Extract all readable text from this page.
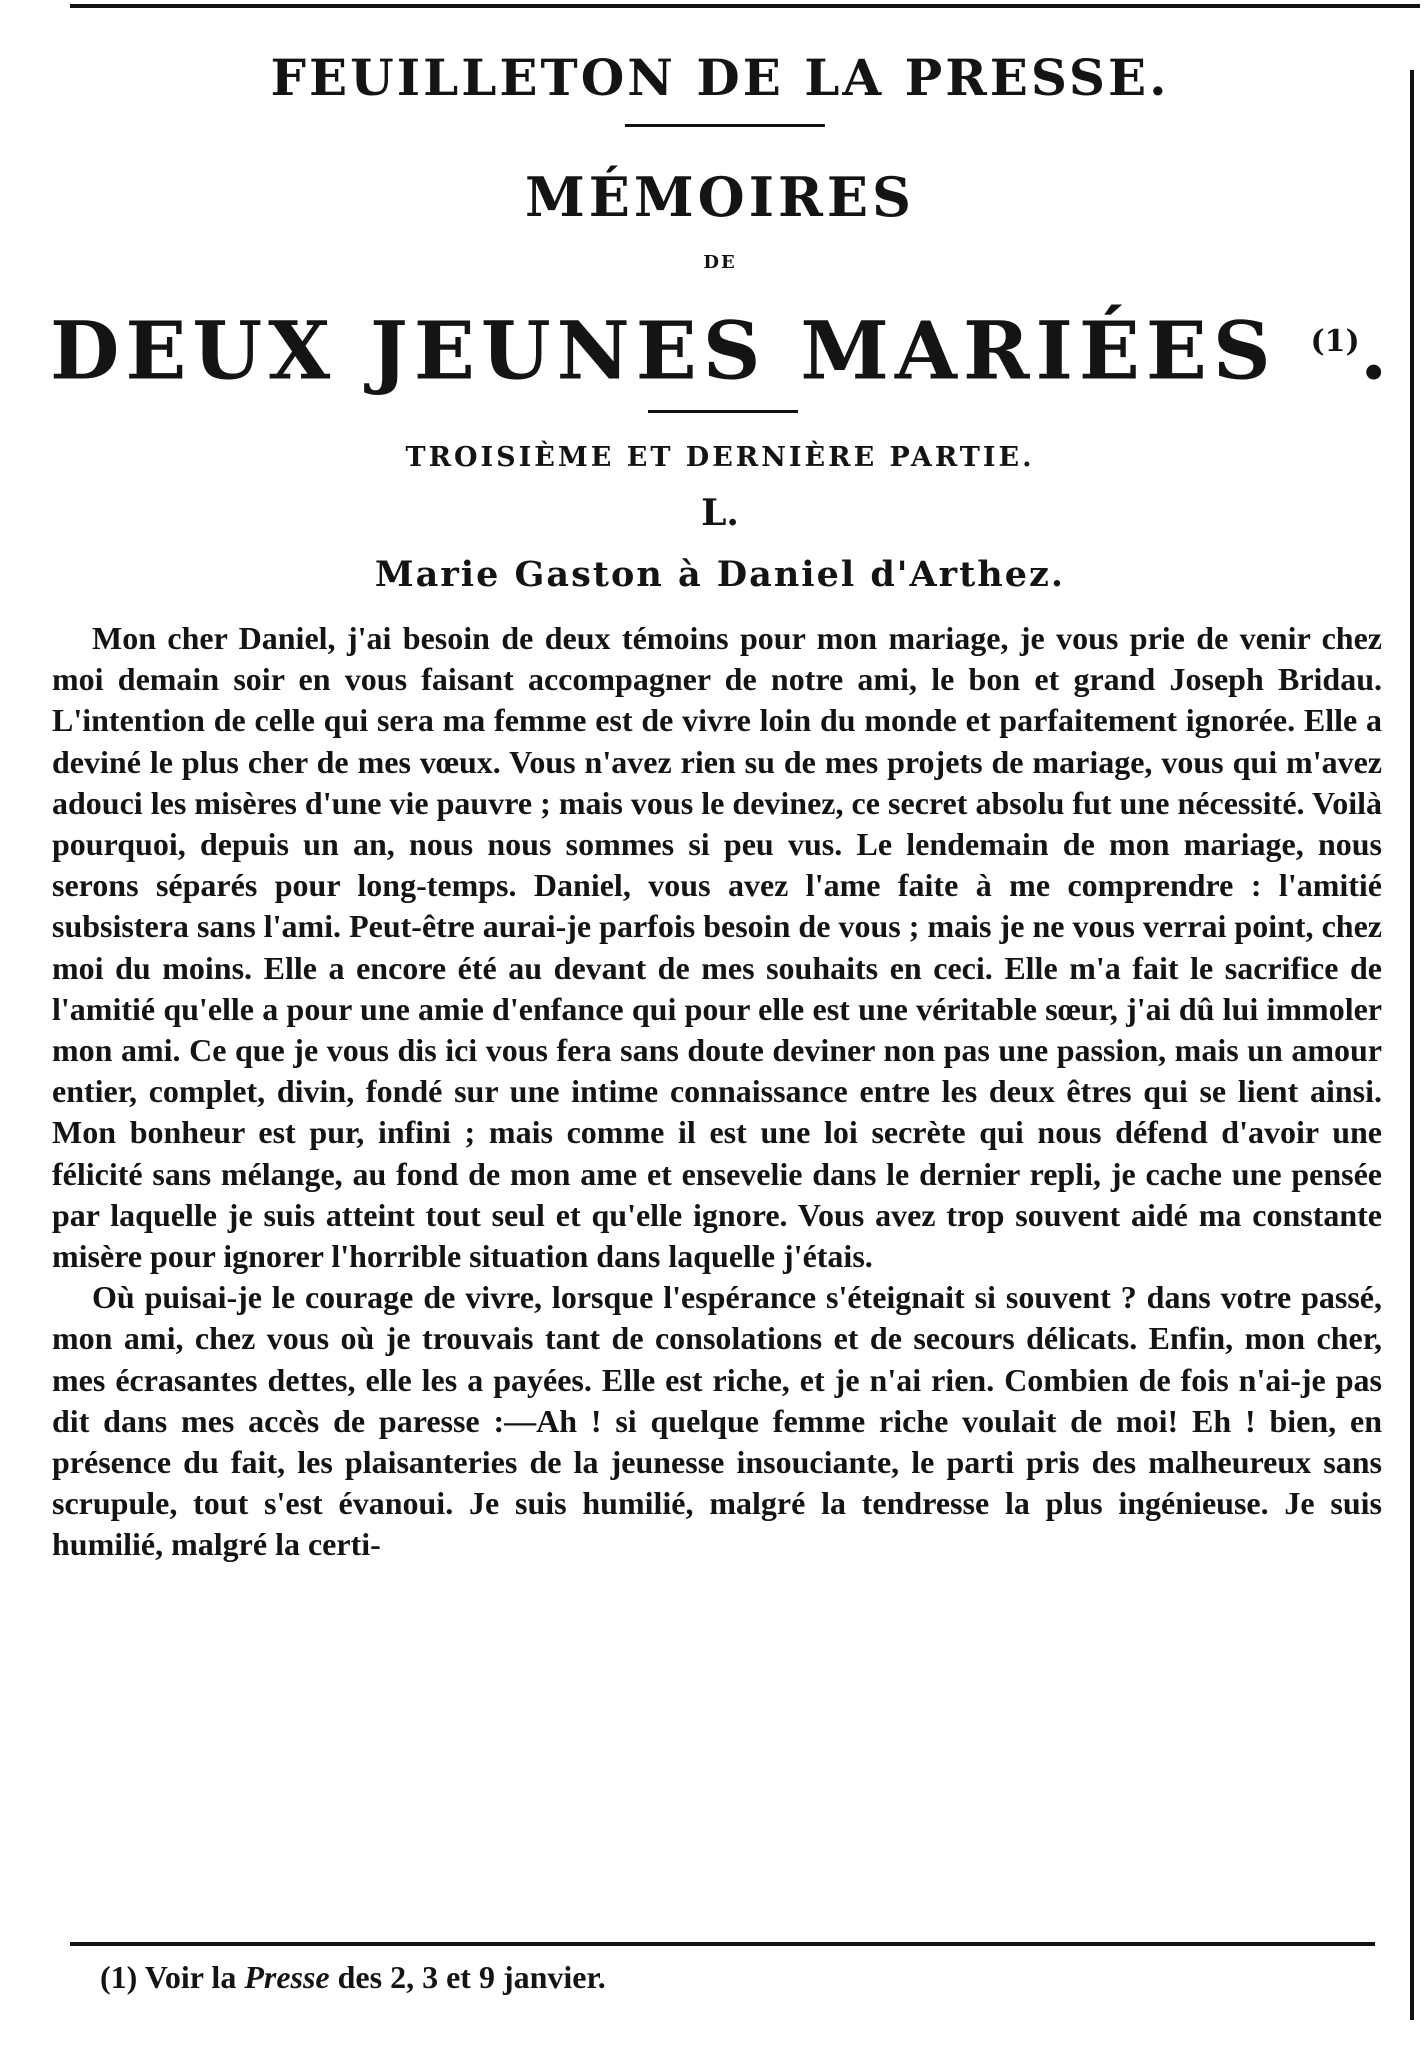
FEUILLETON DE LA PRESSE.
MÉMOIRES
DE
DEUX JEUNES MARIÉES $^{(1)}$.
TROISIÈME ET DERNIÈRE PARTIE.
L.
Marie Gaston à Daniel d'Arthez.

Mon cher Daniel, j'ai besoin de deux témoins pour mon mariage, je vous prie de venir chez moi demain soir en vous faisant accompagner de notre ami, le bon et grand Joseph Bridau. L'intention de celle qui sera ma femme est de vivre loin du monde et parfaitement ignorée. Elle a deviné le plus cher de mes vœux. Vous n'avez rien su de mes projets de mariage, vous qui m'avez adouci les misères d'une vie pauvre ; mais vous le devinez, ce secret absolu fut une nécessité. Voilà pourquoi, depuis un an, nous nous sommes si peu vus. Le lendemain de mon mariage, nous serons séparés pour long-temps. Daniel, vous avez l'ame faite à me comprendre : l'amitié subsistera sans l'ami. Peut-être aurai-je parfois besoin de vous ; mais je ne vous verrai point, chez moi du moins. Elle a encore été au devant de mes souhaits en ceci. Elle m'a fait le sacrifice de l'amitié qu'elle a pour une amie d'enfance qui pour elle est une véritable sœur, j'ai dû lui immoler mon ami. Ce que je vous dis ici vous fera sans doute deviner non pas une passion, mais un amour entier, complet, divin, fondé sur une intime connaissance entre les deux êtres qui se lient ainsi. Mon bonheur est pur, infini ; mais comme il est une loi secrète qui nous défend d'avoir une félicité sans mélange, au fond de mon ame et ensevelie dans le dernier repli, je cache une pensée par laquelle je suis atteint tout seul et qu'elle ignore. Vous avez trop souvent aidé ma constante misère pour ignorer l'horrible situation dans laquelle j'étais.

Où puisai-je le courage de vivre, lorsque l'espérance s'éteignait si souvent ? dans votre passé, mon ami, chez vous où je trouvais tant de consolations et de secours délicats. Enfin, mon cher, mes écrasantes dettes, elle les a payées. Elle est riche, et je n'ai rien. Combien de fois n'ai-je pas dit dans mes accès de paresse :—Ah ! si quelque femme riche voulait de moi! Eh ! bien, en présence du fait, les plaisanteries de la jeunesse insouciante, le parti pris des malheureux sans scrupule, tout s'est évanoui. Je suis humilié, malgré la tendresse la plus ingénieuse. Je suis humilié, malgré la certi-

(1) Voir la Presse des 2, 3 et 9 janvier.
